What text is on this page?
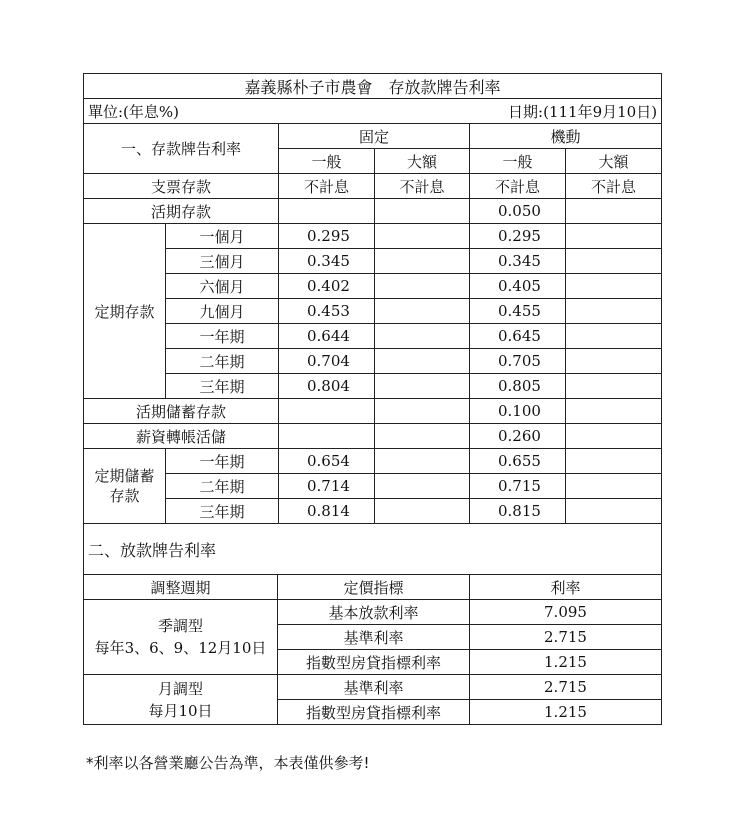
嘉義縣朴子市農會　存放款牌告利率					
單位:(年息%)			日期:(111年9月10日)		
一、存款牌告利率		固定		機動	
		一般	大額	一般	大額
支票存款		不計息	不計息	不計息	不計息
活期存款				0.050	
定期存款	一個月	0.295		0.295	
	三個月	0.345		0.345	
	六個月	0.402		0.405	
	九個月	0.453		0.455	
	一年期	0.644		0.645	
	二年期	0.704		0.705	
	三年期	0.804		0.805	
活期儲蓄存款				0.100	
薪資轉帳活儲				0.260	
定期儲蓄存款	一年期	0.654		0.655	
	二年期	0.714		0.715	
	三年期	0.814		0.815	
二、放款牌告利率					
調整週期	定價指標	利率

季調型
每年3、6、9、12月10日	基本放款利率	7.095
	基準利率	2.715
	指數型房貸指標利率	1.215

月調型
每月10日	基準利率	2.715
	指數型房貸指標利率	1.215
*利率以各營業廳公告為準，本表僅供參考!
